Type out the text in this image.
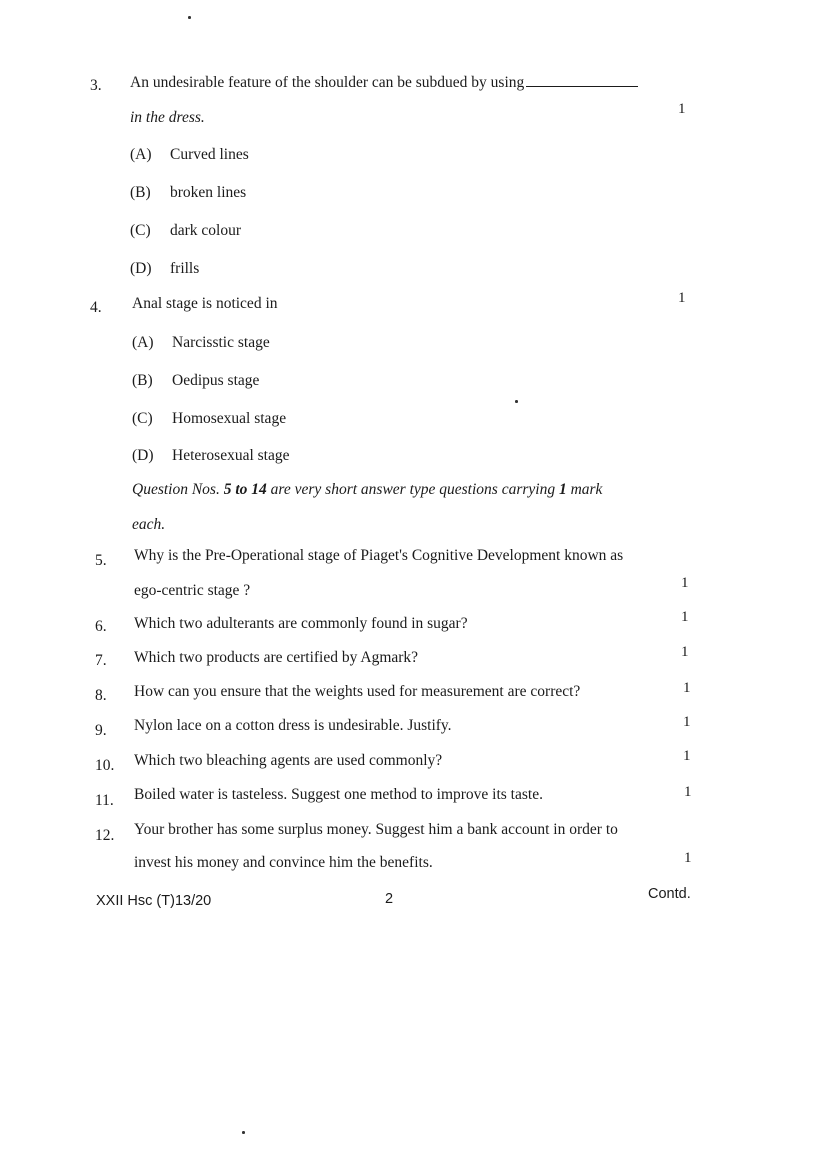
3. An undesirable feature of the shoulder can be subdued by using
in the dress.	1
(A) Curved lines
(B) broken lines
(C) dark colour
(D) frills
4. Anal stage is noticed in	1
(A) Narcisstic stage
(B) Oedipus stage
(C) Homosexual stage
(D) Heterosexual stage
Question Nos. 5 to 14 are very short answer type questions carrying 1 mark
each.
5. Why is the Pre-Operational stage of Piaget's Cognitive Development known as
ego-centric stage ?	1
6. Which two adulterants are commonly found in sugar?	1
7. Which two products are certified by Agmark?	1
8. How can you ensure that the weights used for measurement are correct?	1
9. Nylon lace on a cotton dress is undesirable. Justify.	1
10. Which two bleaching agents are used commonly?	1
11. Boiled water is tasteless. Suggest one method to improve its taste.	1
12. Your brother has some surplus money. Suggest him a bank account in order to
invest his money and convince him the benefits.	1
XXII Hsc (T)13/20	2	Contd.
